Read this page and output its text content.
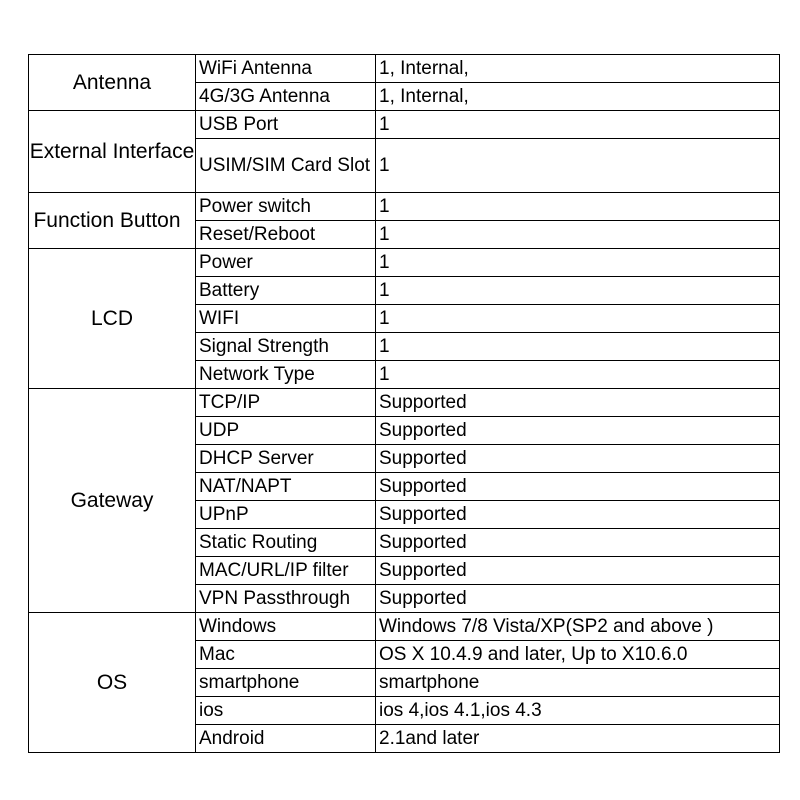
Antenna	WiFi Antenna	1, Internal,
	4G/3G Antenna	1, Internal,
External Interface	USB Port	1
	USIM/SIM Card Slot	1
Function Button	Power switch	1
	Reset/Reboot	1
LCD	Power	1
	Battery	1
	WIFI	1
	Signal Strength	1
	Network Type	1
Gateway	TCP/IP	Supported
	UDP	Supported
	DHCP Server	Supported
	NAT/NAPT	Supported
	UPnP	Supported
	Static Routing	Supported
	MAC/URL/IP filter	Supported
	VPN Passthrough	Supported
OS	Windows	Windows 7/8 Vista/XP(SP2 and above )
	Mac	OS X 10.4.9 and later, Up to X10.6.0
	smartphone	smartphone
	ios	ios 4,ios 4.1,ios 4.3
	Android	2.1and later
